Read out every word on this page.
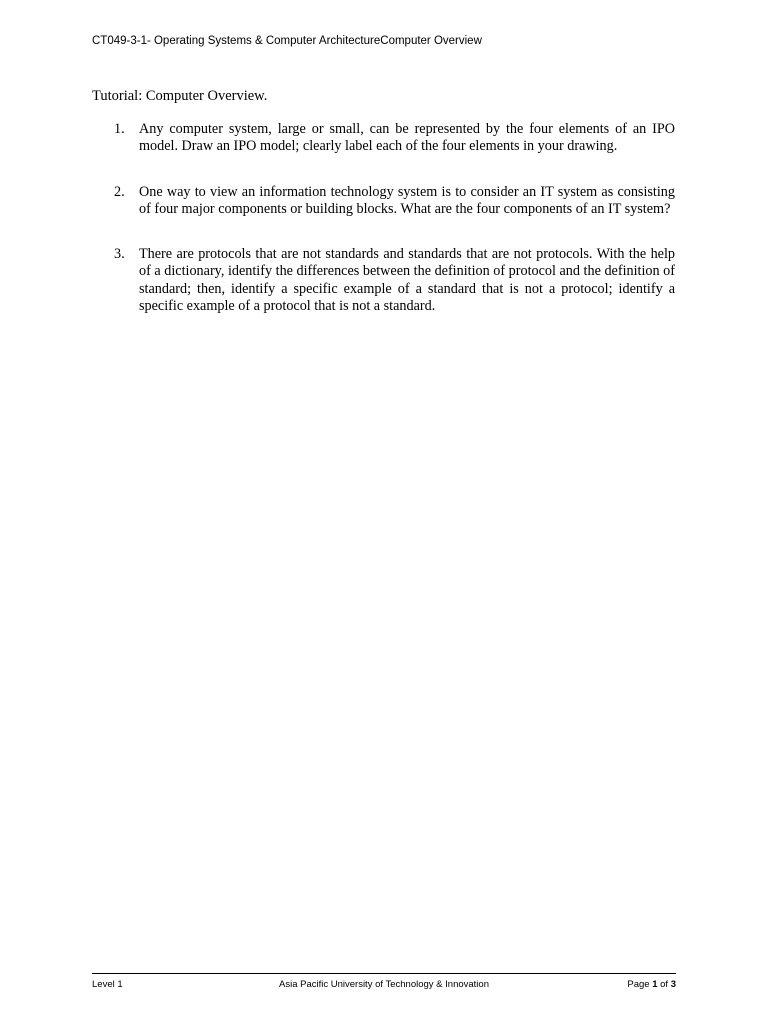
CT049-3-1- Operating Systems & Computer ArchitectureComputer Overview
Tutorial: Computer Overview.
1. Any computer system, large or small, can be represented by the four elements of an IPO model. Draw an IPO model; clearly label each of the four elements in your drawing.
2. One way to view an information technology system is to consider an IT system as consisting of four major components or building blocks. What are the four components of an IT system?
3. There are protocols that are not standards and standards that are not protocols. With the help of a dictionary, identify the differences between the definition of protocol and the definition of standard; then, identify a specific example of a standard that is not a protocol; identify a specific example of a protocol that is not a standard.
Level 1	Asia Pacific University of Technology & Innovation	Page 1 of 3
